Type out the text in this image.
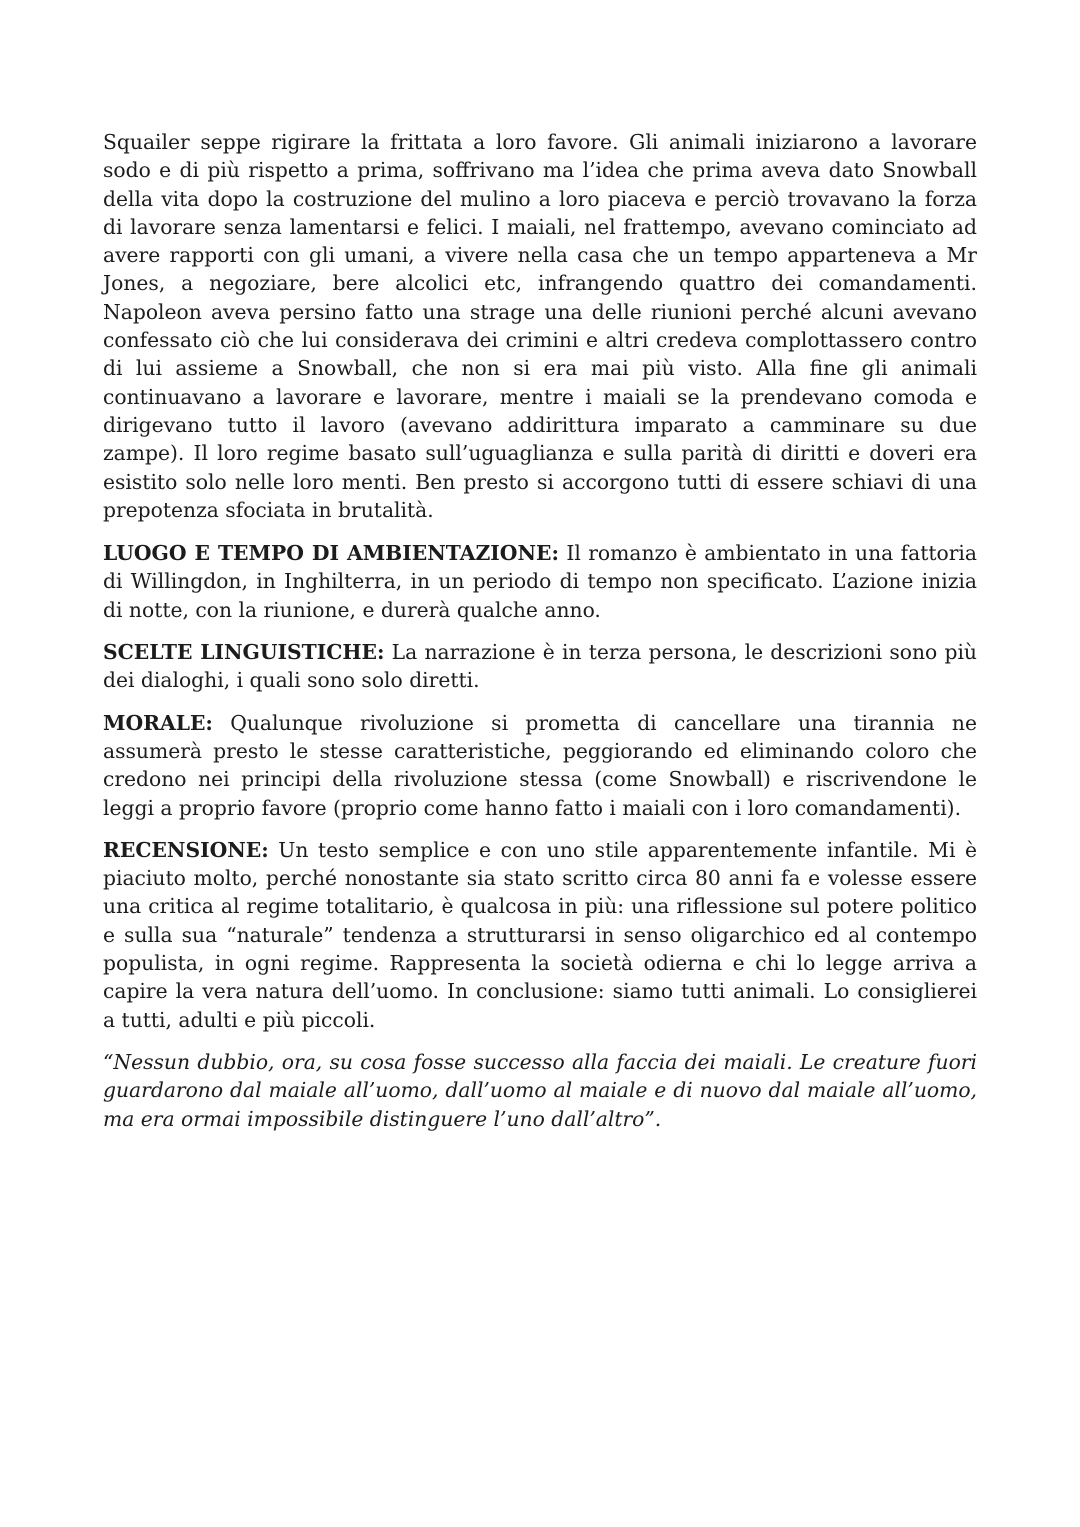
Squailer seppe rigirare la frittata a loro favore. Gli animali iniziarono a lavorare sodo e di più rispetto a prima, soffrivano ma l’idea che prima aveva dato Snowball della vita dopo la costruzione del mulino a loro piaceva e perciò trovavano la forza di lavorare senza lamentarsi e felici. I maiali, nel frattempo, avevano cominciato ad avere rapporti con gli umani, a vivere nella casa che un tempo apparteneva a Mr Jones, a negoziare, bere alcolici etc, infrangendo quattro dei comandamenti. Napoleon aveva persino fatto una strage una delle riunioni perché alcuni avevano confessato ciò che lui considerava dei crimini e altri credeva complottassero contro di lui assieme a Snowball, che non si era mai più visto. Alla fine gli animali continuavano a lavorare e lavorare, mentre i maiali se la prendevano comoda e dirigevano tutto il lavoro (avevano addirittura imparato a camminare su due zampe). Il loro regime basato sull’uguaglianza e sulla parità di diritti e doveri era esistito solo nelle loro menti. Ben presto si accorgono tutti di essere schiavi di una prepotenza sfociata in brutalità.

LUOGO E TEMPO DI AMBIENTAZIONE: Il romanzo è ambientato in una fattoria di Willingdon, in Inghilterra, in un periodo di tempo non specificato. L’azione inizia di notte, con la riunione, e durerà qualche anno.

SCELTE LINGUISTICHE: La narrazione è in terza persona, le descrizioni sono più dei dialoghi, i quali sono solo diretti.

MORALE: Qualunque rivoluzione si prometta di cancellare una tirannia ne assumerà presto le stesse caratteristiche, peggiorando ed eliminando coloro che credono nei principi della rivoluzione stessa (come Snowball) e riscrivendone le leggi a proprio favore (proprio come hanno fatto i maiali con i loro comandamenti).

RECENSIONE: Un testo semplice e con uno stile apparentemente infantile. Mi è piaciuto molto, perché nonostante sia stato scritto circa 80 anni fa e volesse essere una critica al regime totalitario, è qualcosa in più: una riflessione sul potere politico e sulla sua “naturale” tendenza a strutturarsi in senso oligarchico ed al contempo populista, in ogni regime. Rappresenta la società odierna e chi lo legge arriva a capire la vera natura dell’uomo. In conclusione: siamo tutti animali. Lo consiglierei a tutti, adulti e più piccoli.

“Nessun dubbio, ora, su cosa fosse successo alla faccia dei maiali. Le creature fuori guardarono dal maiale all’uomo, dall’uomo al maiale e di nuovo dal maiale all’uomo, ma era ormai impossibile distinguere l’uno dall’altro”.
